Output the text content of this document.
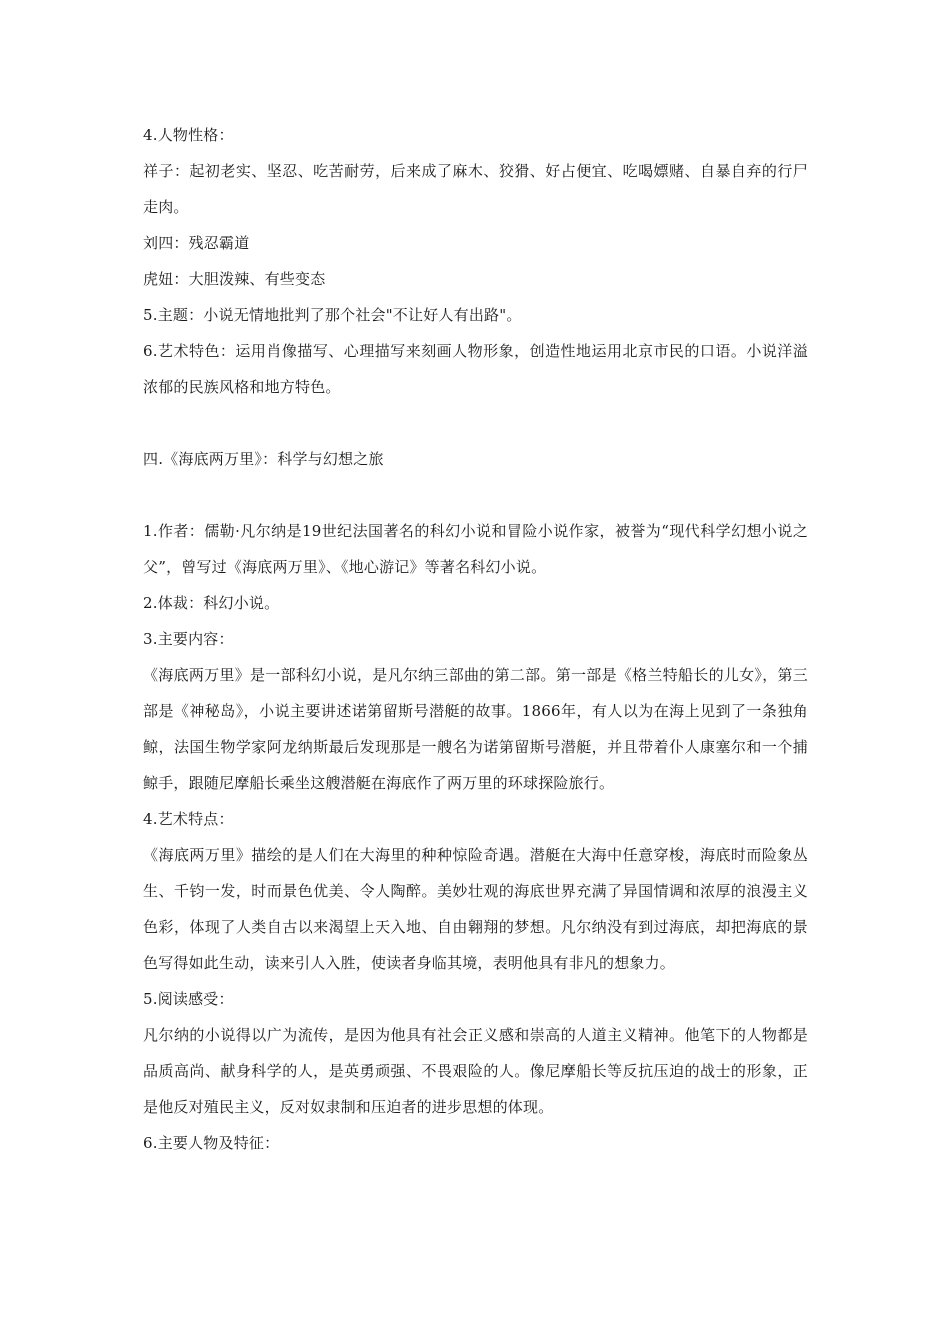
4.人物性格：

祥子：起初老实、坚忍、吃苦耐劳，后来成了麻木、狡猾、好占便宜、吃喝嫖赌、自暴自弃的行尸走肉。

刘四：残忍霸道

虎妞：大胆泼辣、有些变态

5.主题：小说无情地批判了那个社会"不让好人有出路"。

6.艺术特色：运用肖像描写、心理描写来刻画人物形象，创造性地运用北京市民的口语。小说洋溢浓郁的民族风格和地方特色。

四.《海底两万里》：科学与幻想之旅

1.作者：儒勒·凡尔纳是19世纪法国著名的科幻小说和冒险小说作家，被誉为“现代科学幻想小说之父”，曾写过《海底两万里》、《地心游记》等著名科幻小说。

2.体裁：科幻小说。

3.主要内容：

《海底两万里》是一部科幻小说，是凡尔纳三部曲的第二部。第一部是《格兰特船长的儿女》，第三部是《神秘岛》，小说主要讲述诺第留斯号潜艇的故事。1866年，有人以为在海上见到了一条独角鲸，法国生物学家阿龙纳斯最后发现那是一艘名为诺第留斯号潜艇，并且带着仆人康塞尔和一个捕鲸手，跟随尼摩船长乘坐这艘潜艇在海底作了两万里的环球探险旅行。

4.艺术特点：

《海底两万里》描绘的是人们在大海里的种种惊险奇遇。潜艇在大海中任意穿梭，海底时而险象丛生、千钧一发，时而景色优美、令人陶醉。美妙壮观的海底世界充满了异国情调和浓厚的浪漫主义色彩，体现了人类自古以来渴望上天入地、自由翱翔的梦想。凡尔纳没有到过海底，却把海底的景色写得如此生动，读来引人入胜，使读者身临其境，表明他具有非凡的想象力。

5.阅读感受：

凡尔纳的小说得以广为流传，是因为他具有社会正义感和崇高的人道主义精神。他笔下的人物都是品质高尚、献身科学的人，是英勇顽强、不畏艰险的人。像尼摩船长等反抗压迫的战士的形象，正是他反对殖民主义，反对奴隶制和压迫者的进步思想的体现。

6.主要人物及特征：
